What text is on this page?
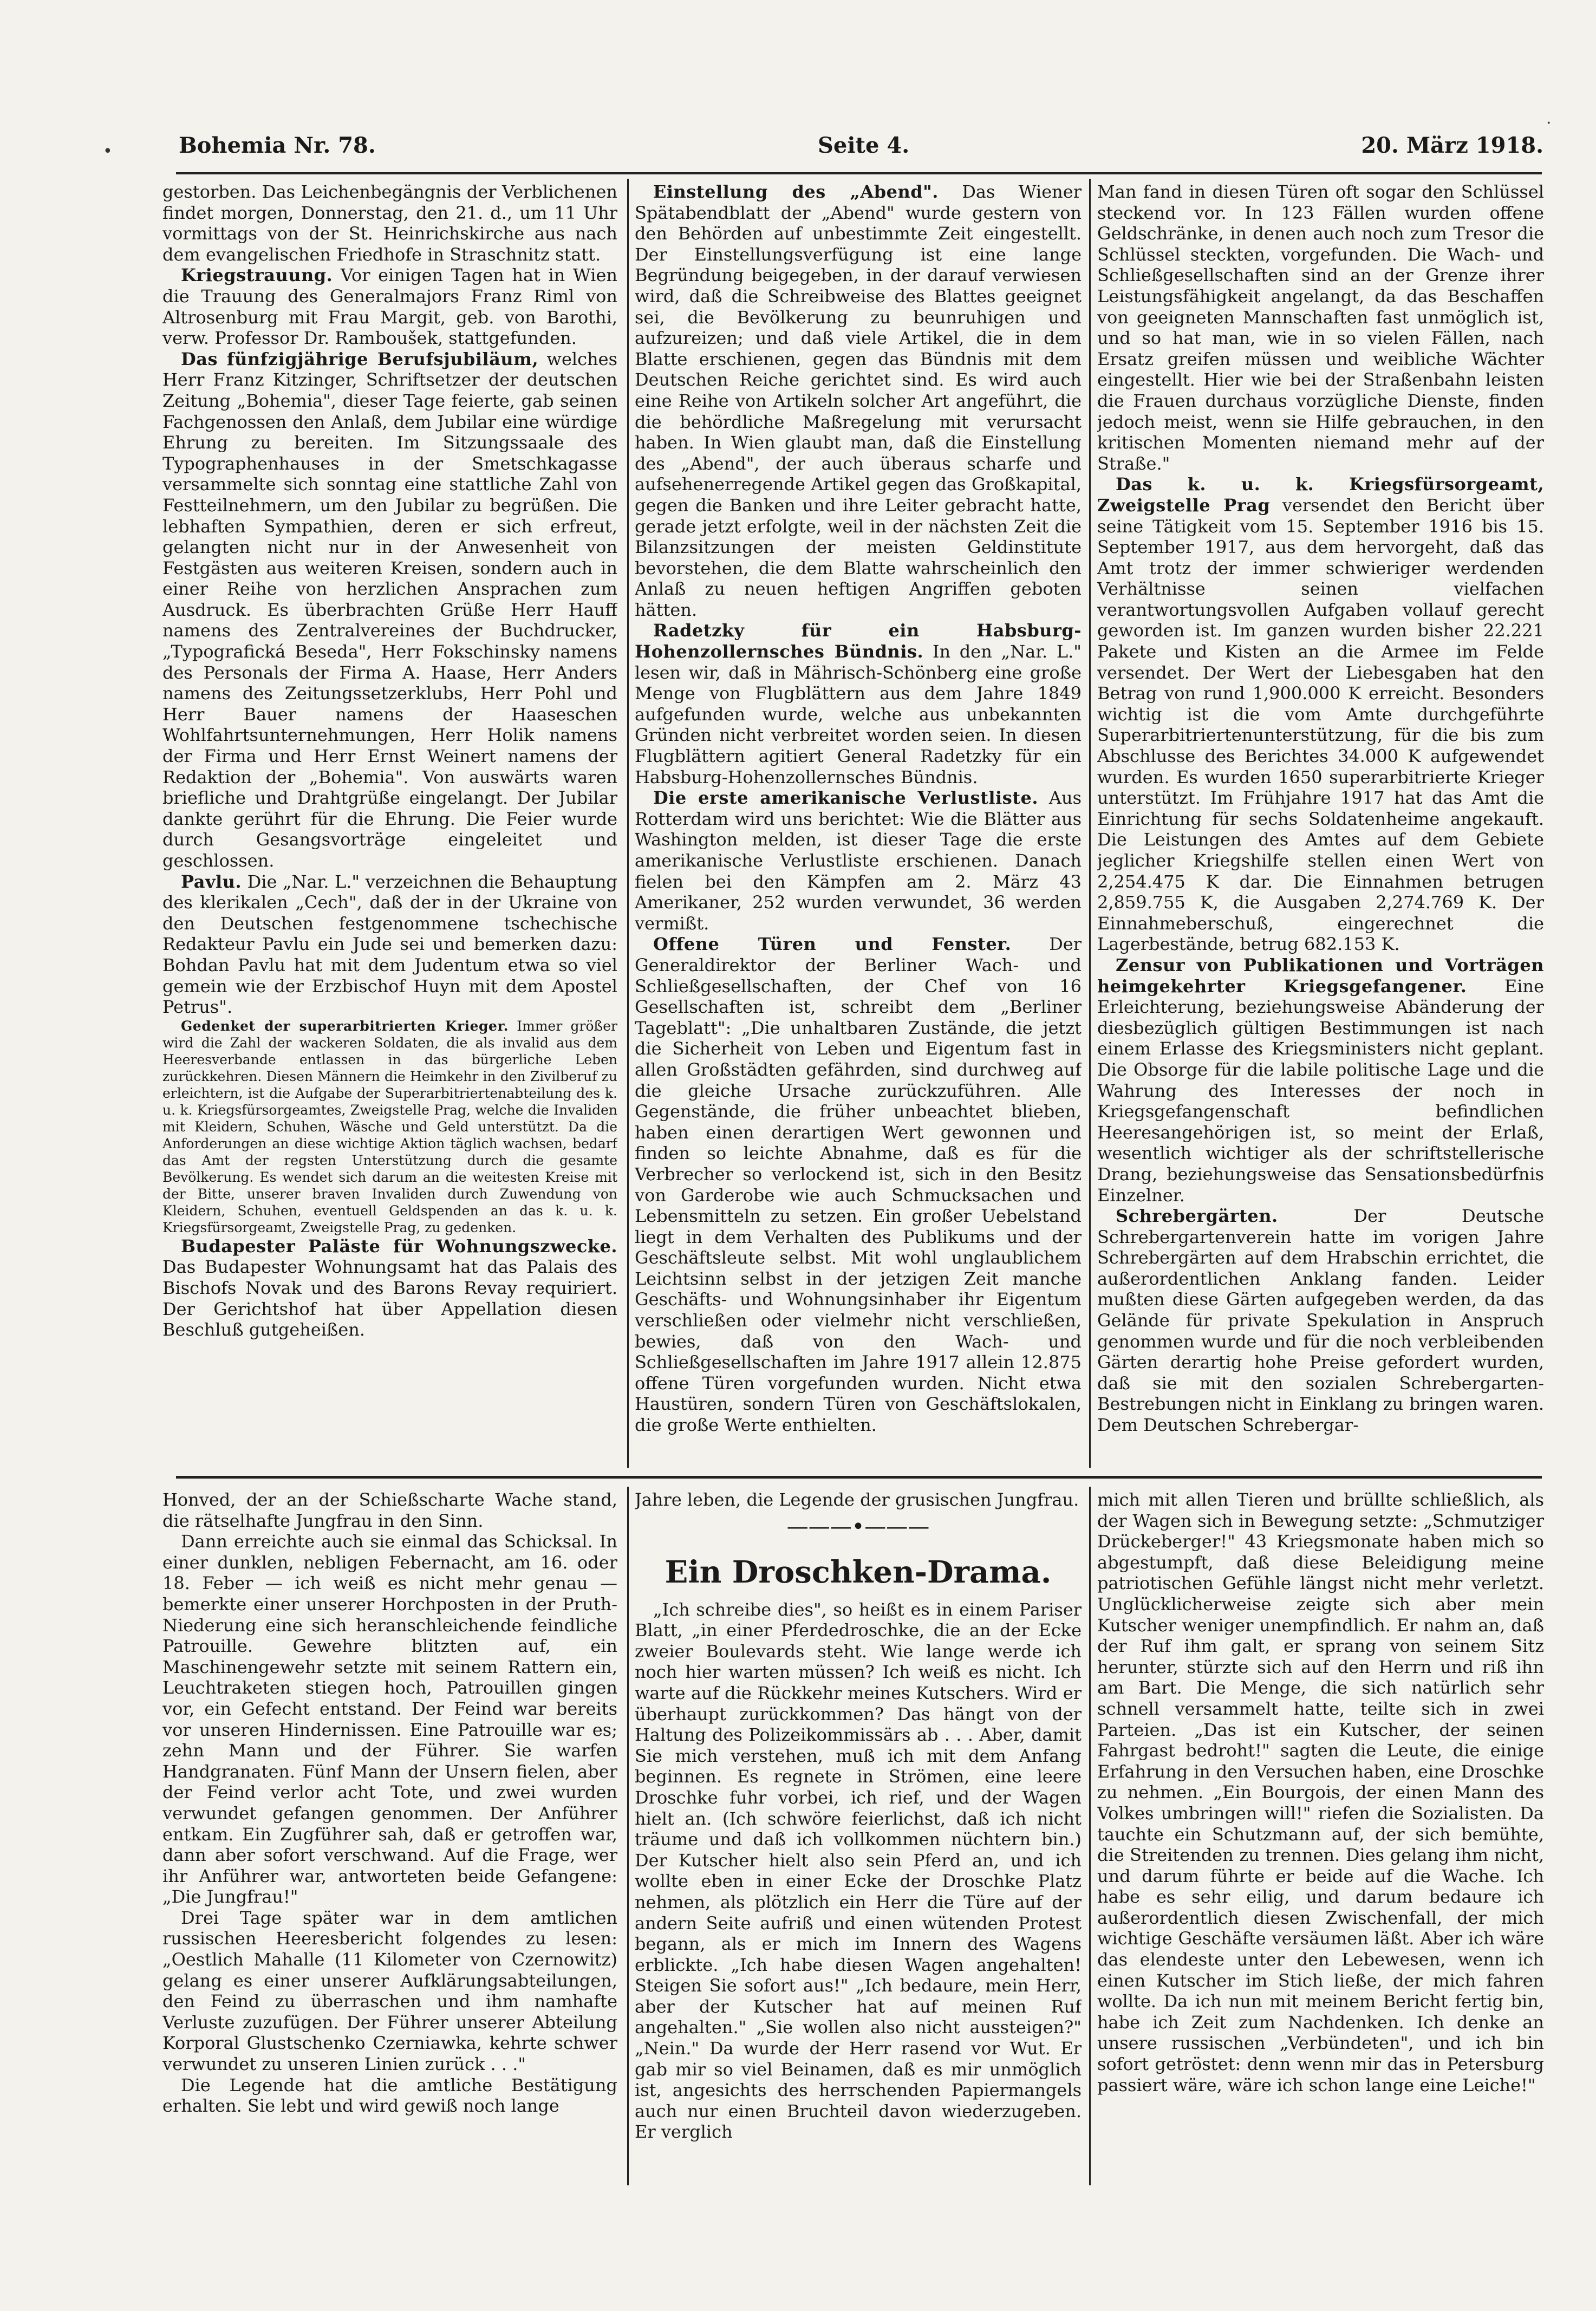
•
·
Bohemia Nr. 78.	Seite 4.	20. März 1918.

gestorben. Das Leichenbegängnis der Verblichenen findet morgen, Donnerstag, den 21. d., um 11 Uhr vormittags von der St. Heinrichskirche aus nach dem evangelischen Friedhofe in Straschnitz statt.

Kriegstrauung. Vor einigen Tagen hat in Wien die Trauung des Generalmajors Franz Riml von Altrosenburg mit Frau Margit, geb. von Barothi, verw. Professor Dr. Ramboušek, stattgefunden.

Das fünfzigjährige Berufsjubiläum, welches Herr Franz Kitzinger, Schriftsetzer der deutschen Zeitung „Bohemia", dieser Tage feierte, gab seinen Fachgenossen den Anlaß, dem Jubilar eine würdige Ehrung zu bereiten. Im Sitzungssaale des Typographenhauses in der Smetschkagasse versammelte sich sonntag eine stattliche Zahl von Festteilnehmern, um den Jubilar zu begrüßen. Die lebhaften Sympathien, deren er sich erfreut, gelangten nicht nur in der Anwesenheit von Festgästen aus weiteren Kreisen, sondern auch in einer Reihe von herzlichen Ansprachen zum Ausdruck. Es überbrachten Grüße Herr Hauff namens des Zentralvereines der Buchdrucker, „Typografická Beseda", Herr Fokschinsky namens des Personals der Firma A. Haase, Herr Anders namens des Zeitungssetzerklubs, Herr Pohl und Herr Bauer namens der Haaseschen Wohlfahrtsunternehmungen, Herr Holik namens der Firma und Herr Ernst Weinert namens der Redaktion der „Bohemia". Von auswärts waren briefliche und Drahtgrüße eingelangt. Der Jubilar dankte gerührt für die Ehrung. Die Feier wurde durch Gesangsvorträge eingeleitet und geschlossen.

Pavlu. Die „Nar. L." verzeichnen die Behauptung des klerikalen „Cech", daß der in der Ukraine von den Deutschen festgenommene tschechische Redakteur Pavlu ein Jude sei und bemerken dazu: Bohdan Pavlu hat mit dem Judentum etwa so viel gemein wie der Erzbischof Huyn mit dem Apostel Petrus".

Gedenket der superarbitrierten Krieger. Immer größer wird die Zahl der wackeren Soldaten, die als invalid aus dem Heeresverbande entlassen in das bürgerliche Leben zurückkehren. Diesen Männern die Heimkehr in den Zivilberuf zu erleichtern, ist die Aufgabe der Superarbitriertenabteilung des k. u. k. Kriegsfürsorgeamtes, Zweigstelle Prag, welche die Invaliden mit Kleidern, Schuhen, Wäsche und Geld unterstützt. Da die Anforderungen an diese wichtige Aktion täglich wachsen, bedarf das Amt der regsten Unterstützung durch die gesamte Bevölkerung. Es wendet sich darum an die weitesten Kreise mit der Bitte, unserer braven Invaliden durch Zuwendung von Kleidern, Schuhen, eventuell Geldspenden an das k. u. k. Kriegsfürsorgeamt, Zweigstelle Prag, zu gedenken.

Budapester Paläste für Wohnungszwecke. Das Budapester Wohnungsamt hat das Palais des Bischofs Novak und des Barons Revay requiriert. Der Gerichtshof hat über Appellation diesen Beschluß gutgeheißen.

Einstellung des „Abend". Das Wiener Spätabendblatt der „Abend" wurde gestern von den Behörden auf unbestimmte Zeit eingestellt. Der Einstellungsverfügung ist eine lange Begründung beigegeben, in der darauf verwiesen wird, daß die Schreibweise des Blattes geeignet sei, die Bevölkerung zu beunruhigen und aufzureizen; und daß viele Artikel, die in dem Blatte erschienen, gegen das Bündnis mit dem Deutschen Reiche gerichtet sind. Es wird auch eine Reihe von Artikeln solcher Art angeführt, die die behördliche Maßregelung mit verursacht haben. In Wien glaubt man, daß die Einstellung des „Abend", der auch überaus scharfe und aufsehenerregende Artikel gegen das Großkapital, gegen die Banken und ihre Leiter gebracht hatte, gerade jetzt erfolgte, weil in der nächsten Zeit die Bilanzsitzungen der meisten Geldinstitute bevorstehen, die dem Blatte wahrscheinlich den Anlaß zu neuen heftigen Angriffen geboten hätten.

Radetzky für ein Habsburg-Hohenzollernsches Bündnis. In den „Nar. L." lesen wir, daß in Mährisch-Schönberg eine große Menge von Flugblättern aus dem Jahre 1849 aufgefunden wurde, welche aus unbekannten Gründen nicht verbreitet worden seien. In diesen Flugblättern agitiert General Radetzky für ein Habsburg-Hohenzollernsches Bündnis.

Die erste amerikanische Verlustliste. Aus Rotterdam wird uns berichtet: Wie die Blätter aus Washington melden, ist dieser Tage die erste amerikanische Verlustliste erschienen. Danach fielen bei den Kämpfen am 2. März 43 Amerikaner, 252 wurden verwundet, 36 werden vermißt.

Offene Türen und Fenster. Der Generaldirektor der Berliner Wach- und Schließgesellschaften, der Chef von 16 Gesellschaften ist, schreibt dem „Berliner Tageblatt": „Die unhaltbaren Zustände, die jetzt die Sicherheit von Leben und Eigentum fast in allen Großstädten gefährden, sind durchweg auf die gleiche Ursache zurückzuführen. Alle Gegenstände, die früher unbeachtet blieben, haben einen derartigen Wert gewonnen und finden so leichte Abnahme, daß es für die Verbrecher so verlockend ist, sich in den Besitz von Garderobe wie auch Schmucksachen und Lebensmitteln zu setzen. Ein großer Uebelstand liegt in dem Verhalten des Publikums und der Geschäftsleute selbst. Mit wohl unglaublichem Leichtsinn selbst in der jetzigen Zeit manche Geschäfts- und Wohnungsinhaber ihr Eigentum verschließen oder vielmehr nicht verschließen, bewies, daß von den Wach- und Schließgesellschaften im Jahre 1917 allein 12.875 offene Türen vorgefunden wurden. Nicht etwa Haustüren, sondern Türen von Geschäftslokalen, die große Werte enthielten.

Man fand in diesen Türen oft sogar den Schlüssel steckend vor. In 123 Fällen wurden offene Geldschränke, in denen auch noch zum Tresor die Schlüssel steckten, vorgefunden. Die Wach- und Schließgesellschaften sind an der Grenze ihrer Leistungsfähigkeit angelangt, da das Beschaffen von geeigneten Mannschaften fast unmöglich ist, und so hat man, wie in so vielen Fällen, nach Ersatz greifen müssen und weibliche Wächter eingestellt. Hier wie bei der Straßenbahn leisten die Frauen durchaus vorzügliche Dienste, finden jedoch meist, wenn sie Hilfe gebrauchen, in den kritischen Momenten niemand mehr auf der Straße."

Das k. u. k. Kriegsfürsorgeamt, Zweigstelle Prag versendet den Bericht über seine Tätigkeit vom 15. September 1916 bis 15. September 1917, aus dem hervorgeht, daß das Amt trotz der immer schwieriger werdenden Verhältnisse seinen vielfachen verantwortungsvollen Aufgaben vollauf gerecht geworden ist. Im ganzen wurden bisher 22.221 Pakete und Kisten an die Armee im Felde versendet. Der Wert der Liebesgaben hat den Betrag von rund 1,900.000 K erreicht. Besonders wichtig ist die vom Amte durchgeführte Superarbitriertenunterstützung, für die bis zum Abschlusse des Berichtes 34.000 K aufgewendet wurden. Es wurden 1650 superarbitrierte Krieger unterstützt. Im Frühjahre 1917 hat das Amt die Einrichtung für sechs Soldatenheime angekauft. Die Leistungen des Amtes auf dem Gebiete jeglicher Kriegshilfe stellen einen Wert von 2,254.475 K dar. Die Einnahmen betrugen 2,859.755 K, die Ausgaben 2,274.769 K. Der Einnahmeberschuß, eingerechnet die Lagerbestände, betrug 682.153 K.

Zensur von Publikationen und Vorträgen heimgekehrter Kriegsgefangener. Eine Erleichterung, beziehungsweise Abänderung der diesbezüglich gültigen Bestimmungen ist nach einem Erlasse des Kriegsministers nicht geplant. Die Obsorge für die labile politische Lage und die Wahrung des Interesses der noch in Kriegsgefangenschaft befindlichen Heeresangehörigen ist, so meint der Erlaß, wesentlich wichtiger als der schriftstellerische Drang, beziehungsweise das Sensationsbedürfnis Einzelner.

Schrebergärten. Der Deutsche Schrebergartenverein hatte im vorigen Jahre Schrebergärten auf dem Hrabschin errichtet, die außerordentlichen Anklang fanden. Leider mußten diese Gärten aufgegeben werden, da das Gelände für private Spekulation in Anspruch genommen wurde und für die noch verbleibenden Gärten derartig hohe Preise gefordert wurden, daß sie mit den sozialen Schrebergarten-Bestrebungen nicht in Einklang zu bringen waren. Dem Deutschen Schrebergar-

Honved, der an der Schießscharte Wache stand, die rätselhafte Jungfrau in den Sinn.

Dann erreichte auch sie einmal das Schicksal. In einer dunklen, nebligen Febernacht, am 16. oder 18. Feber — ich weiß es nicht mehr genau — bemerkte einer unserer Horchposten in der Pruth-Niederung eine sich heranschleichende feindliche Patrouille. Gewehre blitzten auf, ein Maschinengewehr setzte mit seinem Rattern ein, Leuchtraketen stiegen hoch, Patrouillen gingen vor, ein Gefecht entstand. Der Feind war bereits vor unseren Hindernissen. Eine Patrouille war es; zehn Mann und der Führer. Sie warfen Handgranaten. Fünf Mann der Unsern fielen, aber der Feind verlor acht Tote, und zwei wurden verwundet gefangen genommen. Der Anführer entkam. Ein Zugführer sah, daß er getroffen war, dann aber sofort verschwand. Auf die Frage, wer ihr Anführer war, antworteten beide Gefangene: „Die Jungfrau!"

Drei Tage später war in dem amtlichen russischen Heeresbericht folgendes zu lesen: „Oestlich Mahalle (11 Kilometer von Czernowitz) gelang es einer unserer Aufklärungsabteilungen, den Feind zu überraschen und ihm namhafte Verluste zuzufügen. Der Führer unserer Abteilung Korporal Glustschenko Czerniawka, kehrte schwer verwundet zu unseren Linien zurück . . ."

Die Legende hat die amtliche Bestätigung erhalten. Sie lebt und wird gewiß noch lange

Jahre leben, die Legende der grusischen Jungfrau.

———•———

Ein Droschken-Drama.

„Ich schreibe dies", so heißt es in einem Pariser Blatt, „in einer Pferdedroschke, die an der Ecke zweier Boulevards steht. Wie lange werde ich noch hier warten müssen? Ich weiß es nicht. Ich warte auf die Rückkehr meines Kutschers. Wird er überhaupt zurückkommen? Das hängt von der Haltung des Polizeikommissärs ab . . . Aber, damit Sie mich verstehen, muß ich mit dem Anfang beginnen. Es regnete in Strömen, eine leere Droschke fuhr vorbei, ich rief, und der Wagen hielt an. (Ich schwöre feierlichst, daß ich nicht träume und daß ich vollkommen nüchtern bin.) Der Kutscher hielt also sein Pferd an, und ich wollte eben in einer Ecke der Droschke Platz nehmen, als plötzlich ein Herr die Türe auf der andern Seite aufriß und einen wütenden Protest begann, als er mich im Innern des Wagens erblickte. „Ich habe diesen Wagen angehalten! Steigen Sie sofort aus!" „Ich bedaure, mein Herr, aber der Kutscher hat auf meinen Ruf angehalten." „Sie wollen also nicht aussteigen?" „Nein." Da wurde der Herr rasend vor Wut. Er gab mir so viel Beinamen, daß es mir unmöglich ist, angesichts des herrschenden Papiermangels auch nur einen Bruchteil davon wiederzugeben. Er verglich

mich mit allen Tieren und brüllte schließlich, als der Wagen sich in Bewegung setzte: „Schmutziger Drückeberger!" 43 Kriegsmonate haben mich so abgestumpft, daß diese Beleidigung meine patriotischen Gefühle längst nicht mehr verletzt. Unglücklicherweise zeigte sich aber mein Kutscher weniger unempfindlich. Er nahm an, daß der Ruf ihm galt, er sprang von seinem Sitz herunter, stürzte sich auf den Herrn und riß ihn am Bart. Die Menge, die sich natürlich sehr schnell versammelt hatte, teilte sich in zwei Parteien. „Das ist ein Kutscher, der seinen Fahrgast bedroht!" sagten die Leute, die einige Erfahrung in den Versuchen haben, eine Droschke zu nehmen. „Ein Bourgois, der einen Mann des Volkes umbringen will!" riefen die Sozialisten. Da tauchte ein Schutzmann auf, der sich bemühte, die Streitenden zu trennen. Dies gelang ihm nicht, und darum führte er beide auf die Wache. Ich habe es sehr eilig, und darum bedaure ich außerordentlich diesen Zwischenfall, der mich wichtige Geschäfte versäumen läßt. Aber ich wäre das elendeste unter den Lebewesen, wenn ich einen Kutscher im Stich ließe, der mich fahren wollte. Da ich nun mit meinem Bericht fertig bin, habe ich Zeit zum Nachdenken. Ich denke an unsere russischen „Verbündeten", und ich bin sofort getröstet: denn wenn mir das in Petersburg passiert wäre, wäre ich schon lange eine Leiche!"
